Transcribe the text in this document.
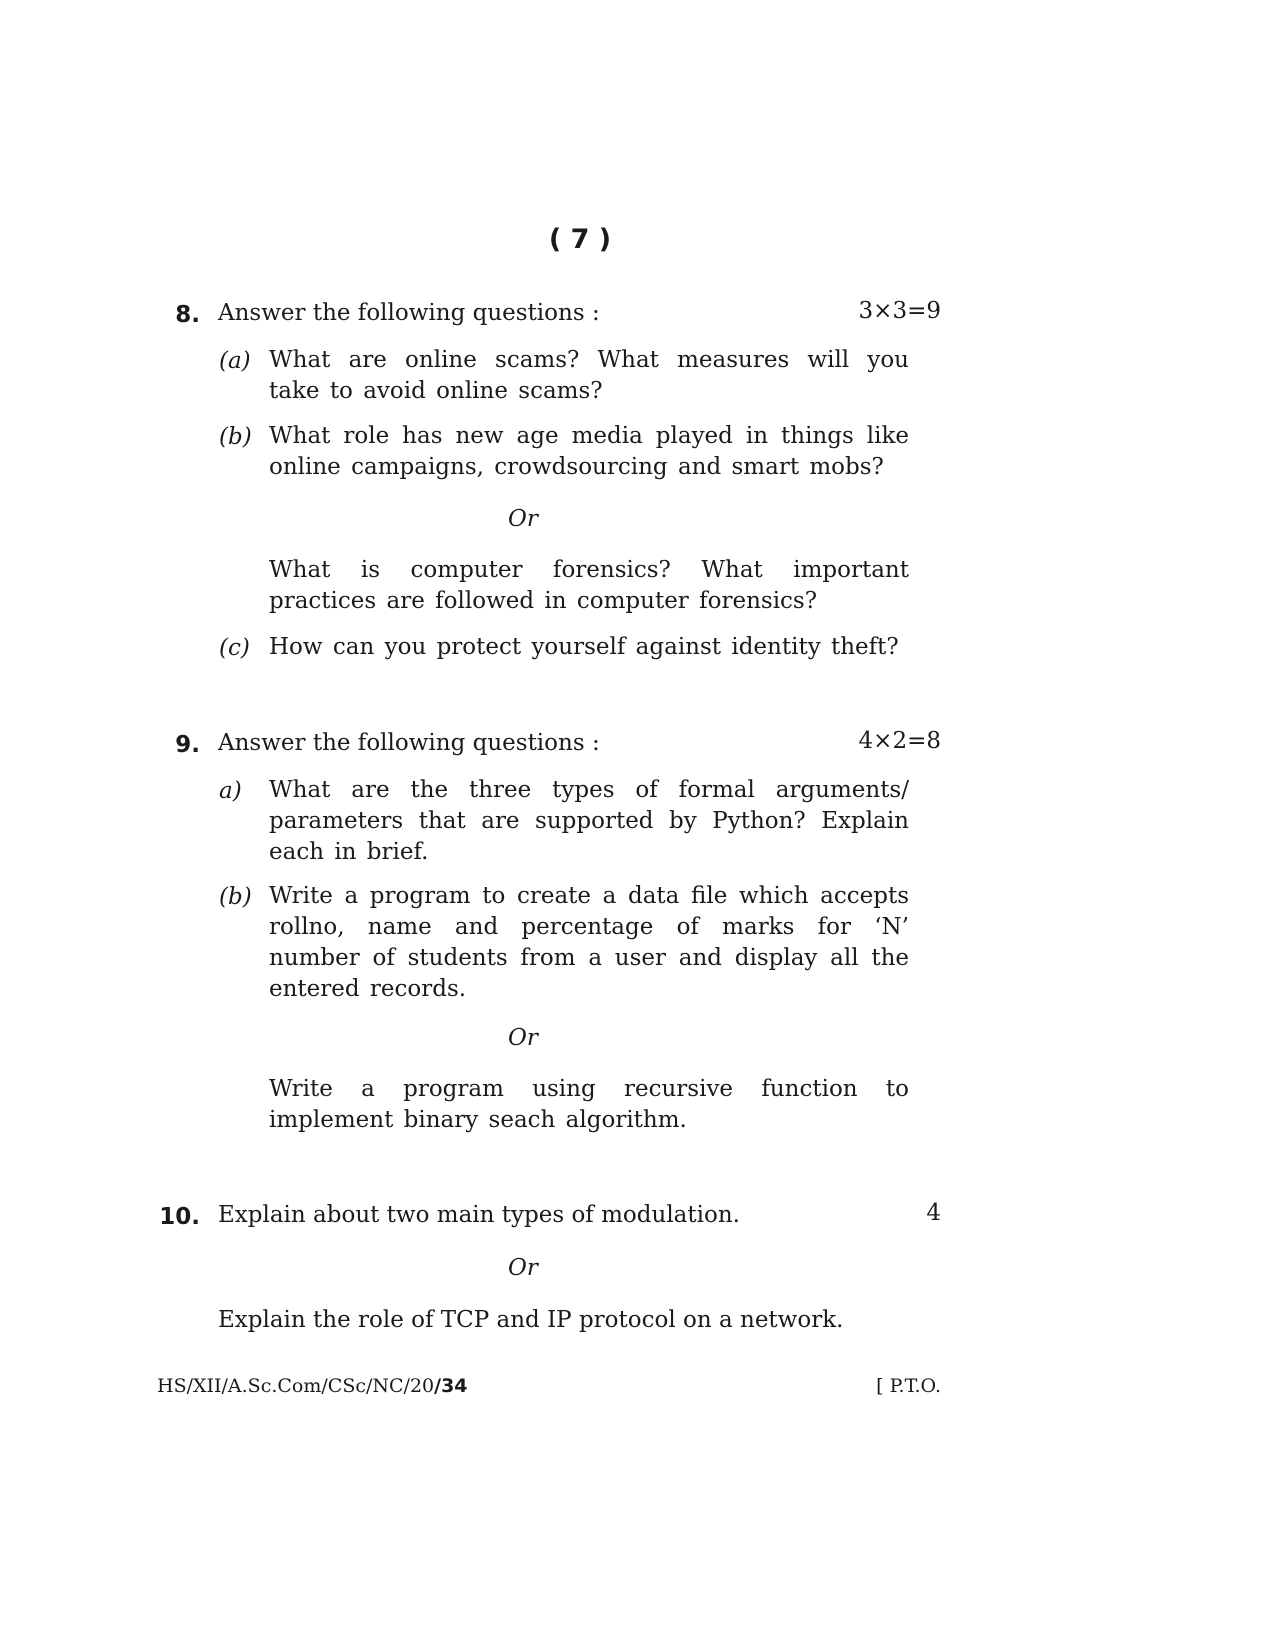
( 7 )
8. Answer the following questions :	3×3=9
(a) What are online scams? What measures will you take to avoid online scams?
(b) What role has new age media played in things like online campaigns, crowdsourcing and smart mobs?
Or
What is computer forensics? What important practices are followed in computer forensics?
(c) How can you protect yourself against identity theft?
9. Answer the following questions :	4×2=8
a) What are the three types of formal arguments/ parameters that are supported by Python? Explain each in brief.
(b) Write a program to create a data file which accepts rollno, name and percentage of marks for ‘N’ number of students from a user and display all the entered records.
Or
Write a program using recursive function to implement binary seach algorithm.
10. Explain about two main types of modulation.	4
Or
Explain the role of TCP and IP protocol on a network.
HS/XII/A.Sc.Com/CSc/NC/20/34	[ P.T.O.
